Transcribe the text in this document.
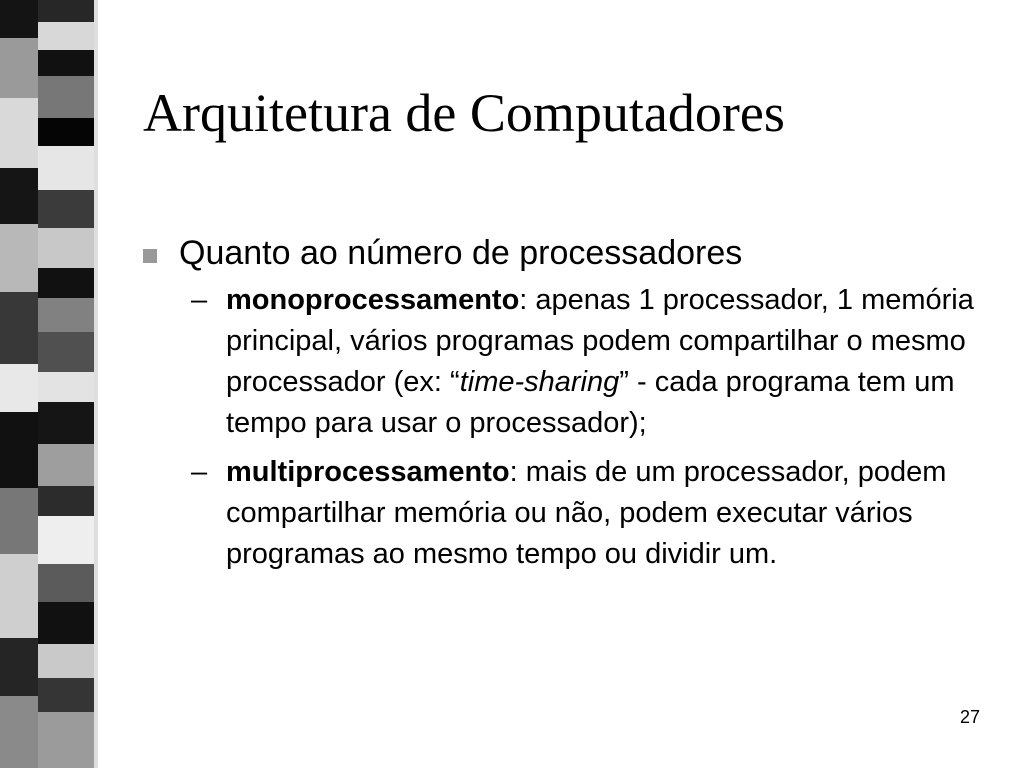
Arquitetura de Computadores
Quanto ao número de processadores
– monoprocessamento: apenas 1 processador, 1 memória principal, vários programas podem compartilhar o mesmo processador (ex: “time-sharing” - cada programa tem um tempo para usar o processador);
– multiprocessamento: mais de um processador, podem compartilhar memória ou não, podem executar vários programas ao mesmo tempo ou dividir um.
27
